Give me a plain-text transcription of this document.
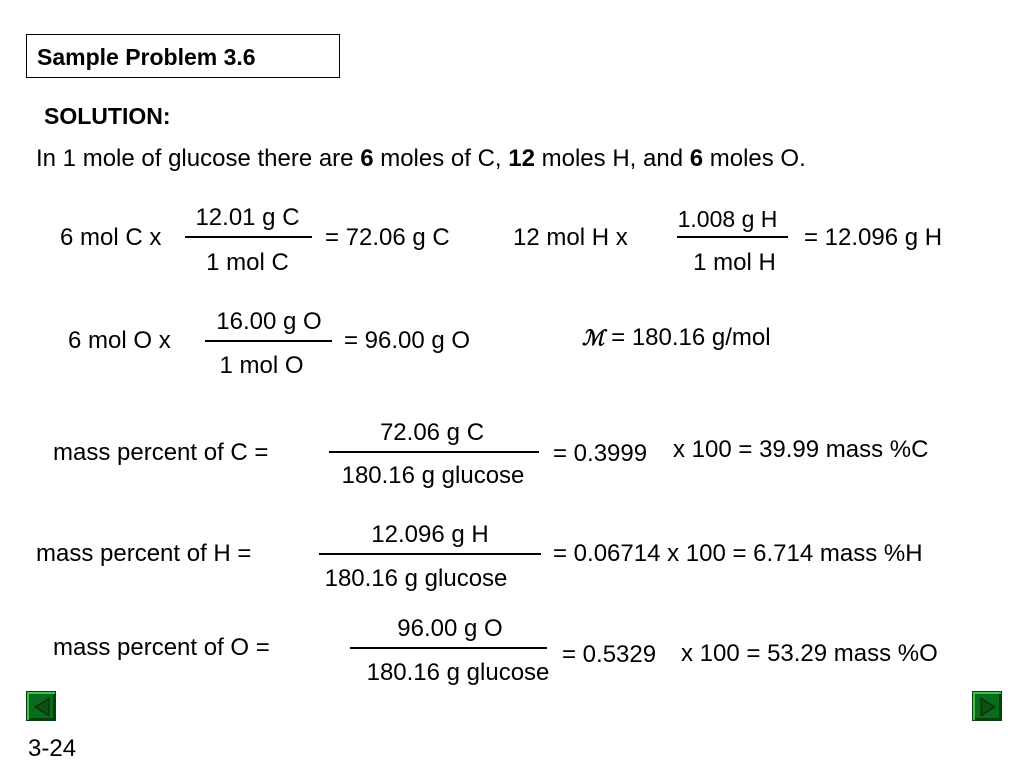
Sample Problem 3.6
SOLUTION:
In 1 mole of glucose there are 6 moles of C, 12 moles H, and 6 moles O.
6 mol C x
12.01 g C
1 mol C
= 72.06 g C	12 mol H x
1.008 g H
1 mol H
= 12.096 g H
6 mol O x
16.00 g O
1 mol O
= 96.00 g O	ℳ = 180.16 g/mol
mass percent of C =
72.06 g C
180.16 g glucose
= 0.3999 x 100 = 39.99 mass %C
mass percent of H =
12.096 g H
180.16 g glucose
= 0.06714 x 100 = 6.714 mass %H
mass percent of O =
96.00 g O
180.16 g glucose
= 0.5329 x 100 = 53.29 mass %O
3-24
